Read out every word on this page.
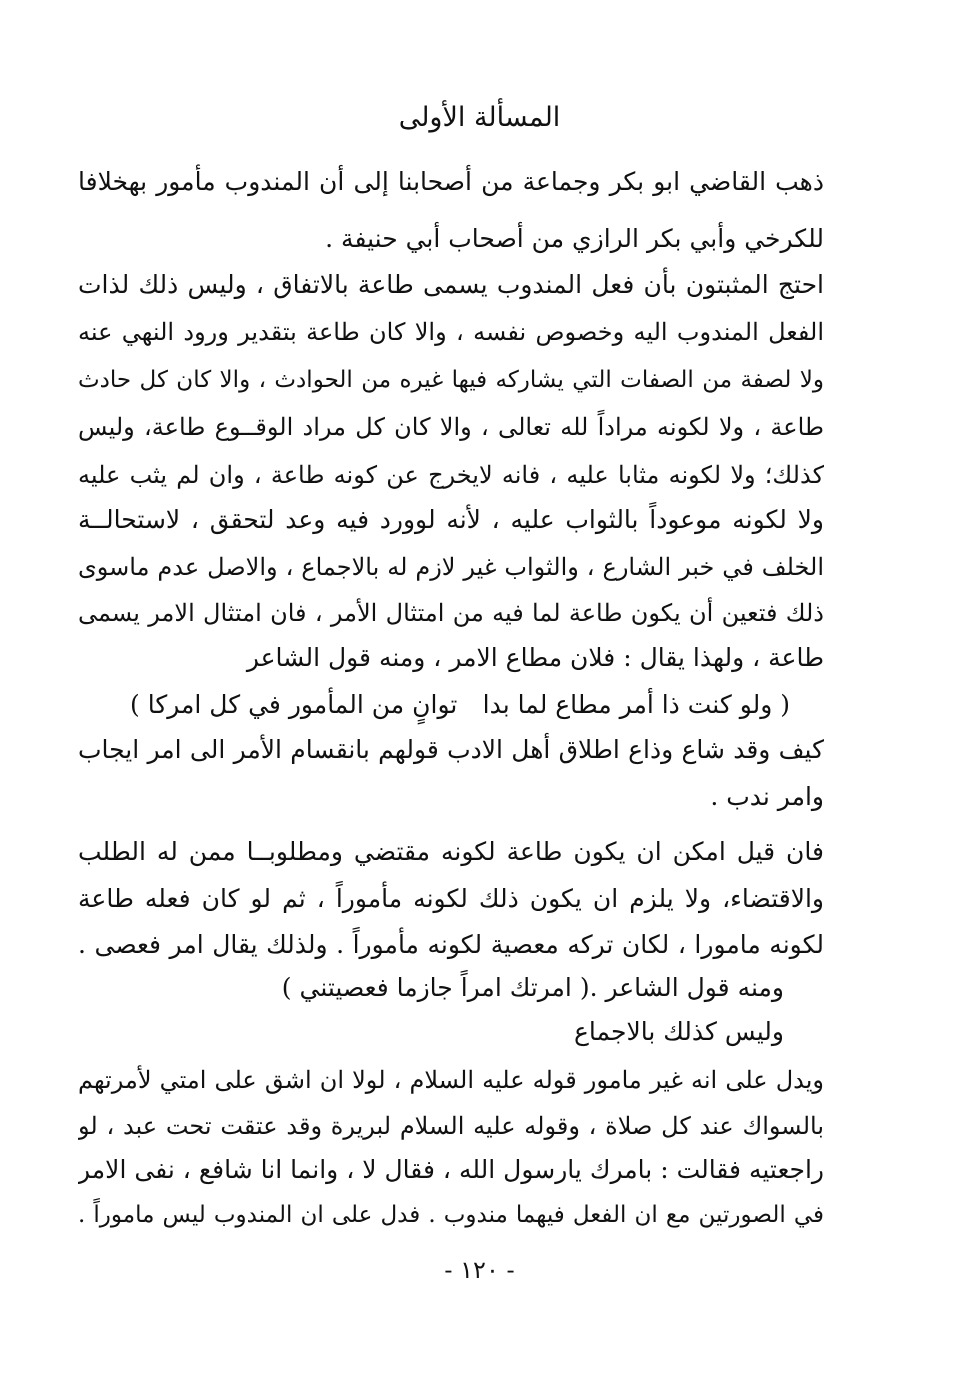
المسألة الأولى
ذهب القاضي ابو بكر وجماعة من أصحابنا إلى أن المندوب مأمور بهخلافا
للكرخي وأبي بكر الرازي من أصحاب أبي حنيفة .
احتج المثبتون بأن فعل المندوب يسمى طاعة بالاتفاق ، وليس ذلك لذات
الفعل المندوب اليه وخصوص نفسه ، والا كان طاعة بتقدير ورود النهي عنه
ولا لصفة من الصفات التي يشاركه فيها غيره من الحوادث ، والا كان كل حادث
طاعة ، ولا لكونه مراداً لله تعالى ، والا كان كل مراد الوقــوع طاعة، وليس
كذلك؛ ولا لكونه مثابا عليه ، فانه لايخرج عن كونه طاعة ، وان لم يثب عليه
ولا لكونه موعوداً بالثواب عليه ، لأنه لوورد فيه وعد لتحقق ، لاستحالــة
الخلف في خبر الشارع ، والثواب غير لازم له بالاجماع ، والاصل عدم ماسوى
ذلك فتعين أن يكون طاعة لما فيه من امتثال الأمر ، فان امتثال الامر يسمى
طاعة ، ولهذا يقال : فلان مطاع الامر ، ومنه قول الشاعر
( ولو كنت ذا أمر مطاع لما بدا
توانٍ من المأمور في كل امركا )
كيف وقد شاع وذاع اطلاق أهل الادب قولهم بانقسام الأمر الى امر ايجاب
وامر ندب .
فان قيل امكن ان يكون طاعة لكونه مقتضي ومطلوبــا ممن له الطلب
والاقتضاء، ولا يلزم ان يكون ذلك لكونه مأموراً ، ثم لو كان فعله طاعة
لكونه مامورا ، لكان تركه معصية لكونه مأموراً . ولذلك يقال امر فعصى .
ومنه قول الشاعر .( امرتك امراً جازما فعصيتني )
وليس كذلك بالاجماع
ويدل على انه غير مامور قوله عليه السلام ، لولا ان اشق على امتي لأمرتهم
بالسواك عند كل صلاة ، وقوله عليه السلام لبريرة وقد عتقت تحت عبد ، لو
راجعتيه فقالت : بامرك يارسول الله ، فقال لا ، وانما انا شافع ، نفى الامر
في الصورتين مع ان الفعل فيهما مندوب . فدل على ان المندوب ليس ماموراً .
- ١٢٠ -
